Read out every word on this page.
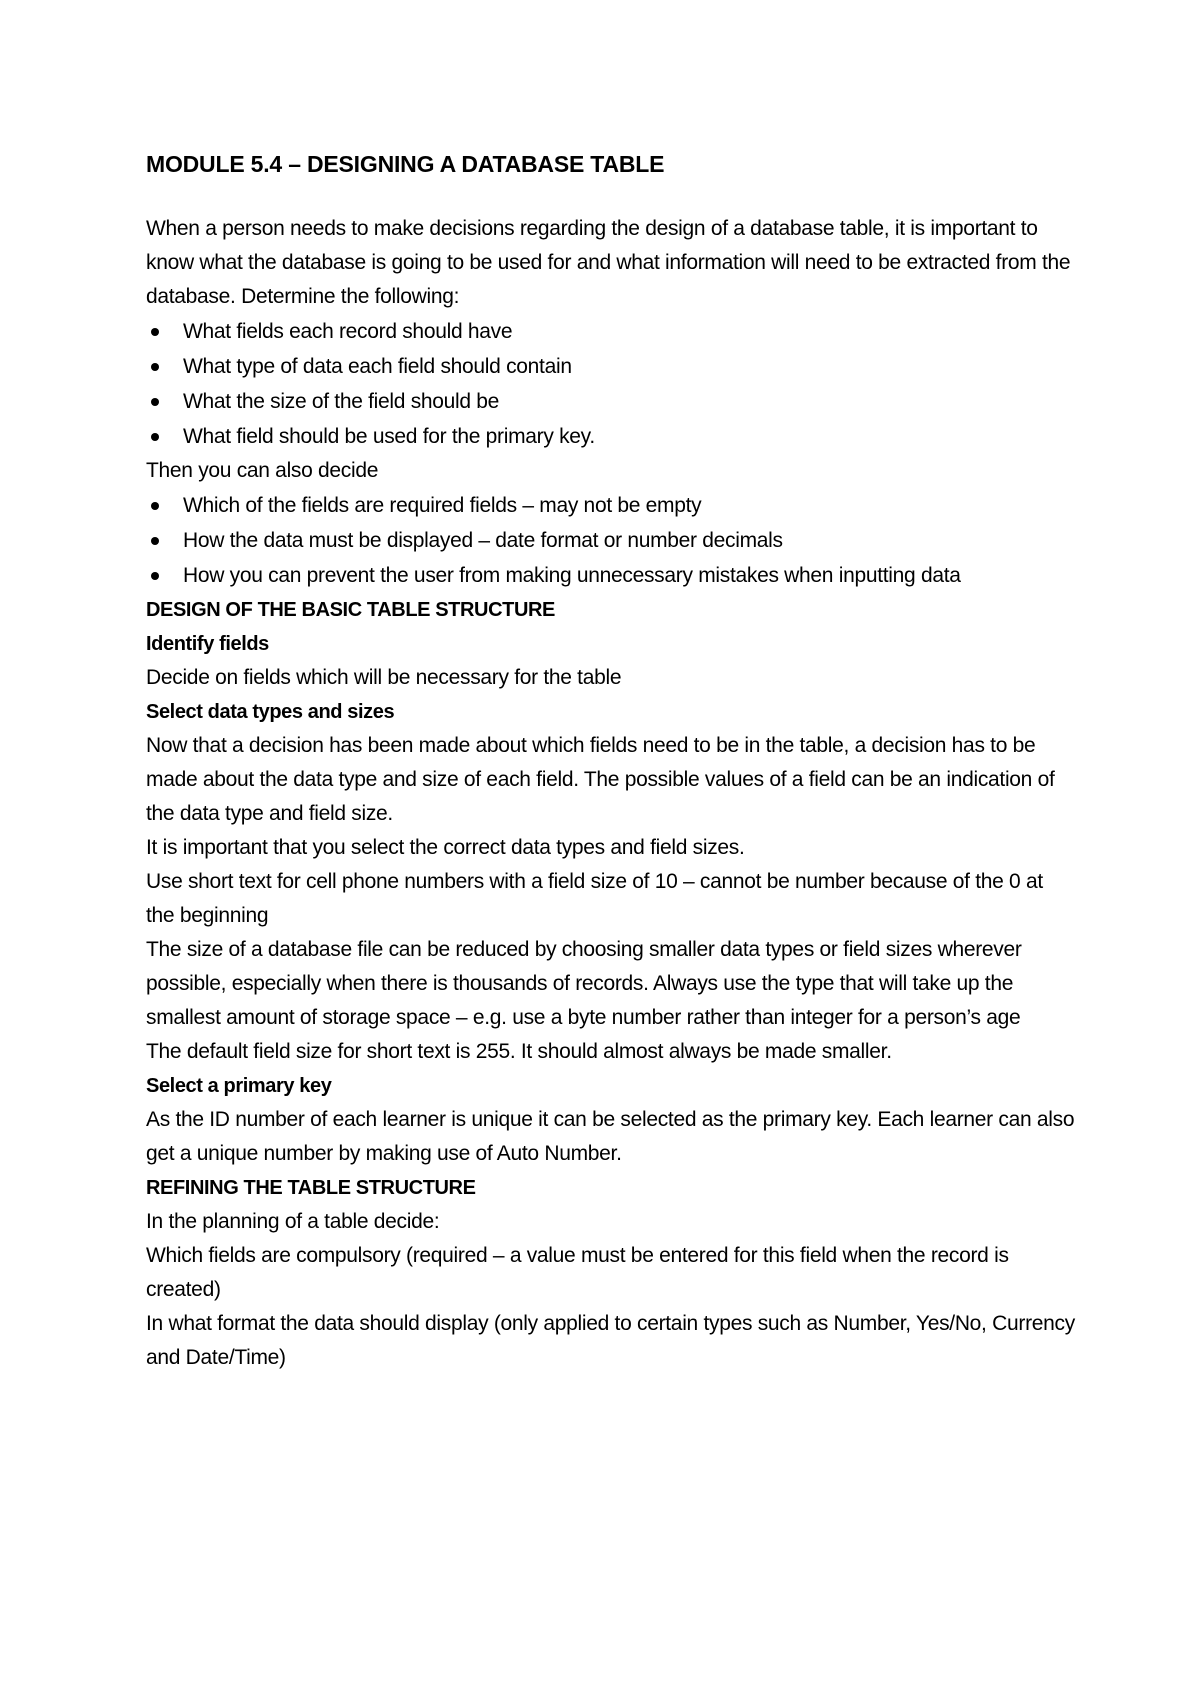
MODULE 5.4 – DESIGNING A DATABASE TABLE

When a person needs to make decisions regarding the design of a database table, it is important to know what the database is going to be used for and what information will need to be extracted from the database. Determine the following:

What fields each record should have
What type of data each field should contain
What the size of the field should be
What field should be used for the primary key.

Then you can also decide

Which of the fields are required fields – may not be empty
How the data must be displayed – date format or number decimals
How you can prevent the user from making unnecessary mistakes when inputting data

DESIGN OF THE BASIC TABLE STRUCTURE

Identify fields

Decide on fields which will be necessary for the table

Select data types and sizes

Now that a decision has been made about which fields need to be in the table, a decision has to be made about the data type and size of each field. The possible values of a field can be an indication of the data type and field size.

It is important that you select the correct data types and field sizes.

Use short text for cell phone numbers with a field size of 10 – cannot be number because of the 0 at the beginning

The size of a database file can be reduced by choosing smaller data types or field sizes wherever possible, especially when there is thousands of records. Always use the type that will take up the smallest amount of storage space – e.g. use a byte number rather than integer for a person’s age

The default field size for short text is 255. It should almost always be made smaller.

Select a primary key

As the ID number of each learner is unique it can be selected as the primary key. Each learner can also get a unique number by making use of Auto Number.

REFINING THE TABLE STRUCTURE

In the planning of a table decide:

Which fields are compulsory (required – a value must be entered for this field when the record is created)

In what format the data should display (only applied to certain types such as Number, Yes/No, Currency and Date/Time)
